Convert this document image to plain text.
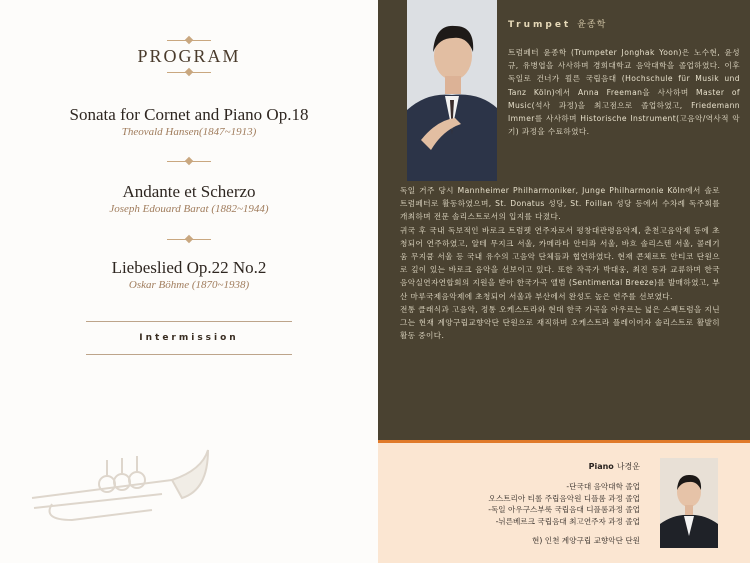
PROGRAM
Sonata for Cornet and Piano Op.18
Theovald Hansen(1847~1913)
Andante et Scherzo
Joseph Edouard Barat (1882~1944)
Liebeslied Op.22 No.2
Oskar Böhme (1870~1938)
Intermission
Trumpet 윤종학

트럼페터 윤종학 (Trumpeter Jonghak Yoon)은 노수현, 윤성규, 유병엽을 사사하며 경희대학교 음악대학을 졸업하였다. 이후 독일로 건너가 쾰른 국립음대 (Hochschule für Musik und Tanz Köln)에서 Anna Freeman을 사사하며 Master of Music(석사 과정)을 최고점으로 졸업하였고, Friedemann Immer를 사사하며 Historische Instrument(고음악/역사적 악기) 과정을 수료하였다.

독일 거주 당시 Mannheimer Philharmoniker, Junge Philharmonie Köln에서 솔로 트럼페터로 활동하였으며, St. Donatus 성당, St. Foillan 성당 등에서 수차례 독주회를 개최하며 전문 솔리스트로서의 입지를 다졌다.

귀국 후 국내 독보적인 바로크 트럼펫 연주자로서 평창대관령음악제, 춘천고음악제 등에 초청되어 연주하였고, 알테 무지크 서울, 카메라타 안티콰 서울, 바흐 솔리스텐 서울, 콜레기움 무지쿰 서울 등 국내 유수의 고음악 단체들과 협연하였다. 현재 콘체르토 안티코 단원으로 깊이 있는 바로크 음악을 선보이고 있다. 또한 작곡가 박대웅, 최진 등과 교류하며 한국음악실연자연합회의 지원을 받아 한국가곡 앨범 (Sentimental Breeze)를 발매하였고, 부산 마루국제음악제에 초청되어 서울과 부산에서 완성도 높은 연주를 선보였다.

전통 클래식과 고음악, 정통 오케스트라와 현대 한국 가곡을 아우르는 넓은 스펙트럼을 지닌 그는 현재 계양구립교향악단 단원으로 재직하며 오케스트라 플레이어자 솔리스트로 활발히 활동 중이다.

Piano 나경운
-단국대 음악대학 졸업
오스트리아 티롤 주립음악원 디플롬 과정 졸업
-독일 아우구스부룩 국립음대 디플롬과정 졸업
-뉘른베르크 국립음대 최고연주자 과정 졸업
현) 인천 계양구립 교향악단 단원
